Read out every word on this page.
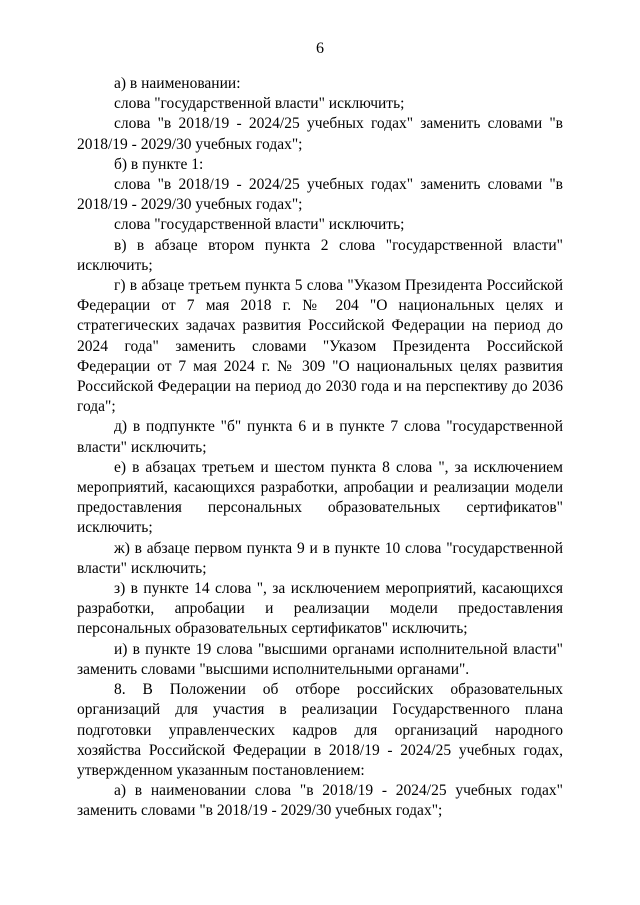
6

а) в наименовании:

слова "государственной власти" исключить;

слова "в 2018/19 - 2024/25 учебных годах" заменить словами "в 2018/19 - 2029/30 учебных годах";

б) в пункте 1:

слова "в 2018/19 - 2024/25 учебных годах" заменить словами "в 2018/19 - 2029/30 учебных годах";

слова "государственной власти" исключить;

в) в абзаце втором пункта 2 слова "государственной власти" исключить;

г) в абзаце третьем пункта 5 слова "Указом Президента Российской Федерации от 7 мая 2018 г. № 204 "О национальных целях и стратегических задачах развития Российской Федерации на период до 2024 года" заменить словами "Указом Президента Российской Федерации от 7 мая 2024 г. № 309 "О национальных целях развития Российской Федерации на период до 2030 года и на перспективу до 2036 года";

д) в подпункте "б" пункта 6 и в пункте 7 слова "государственной власти" исключить;

е) в абзацах третьем и шестом пункта 8 слова ", за исключением мероприятий, касающихся разработки, апробации и реализации модели предоставления персональных образовательных сертификатов" исключить;

ж) в абзаце первом пункта 9 и в пункте 10 слова "государственной власти" исключить;

з) в пункте 14 слова ", за исключением мероприятий, касающихся разработки, апробации и реализации модели предоставления персональных образовательных сертификатов" исключить;

и) в пункте 19 слова "высшими органами исполнительной власти" заменить словами "высшими исполнительными органами".

8. В Положении об отборе российских образовательных организаций для участия в реализации Государственного плана подготовки управленческих кадров для организаций народного хозяйства Российской Федерации в 2018/19 - 2024/25 учебных годах, утвержденном указанным постановлением:

а) в наименовании слова "в 2018/19 - 2024/25 учебных годах" заменить словами "в 2018/19 - 2029/30 учебных годах";
